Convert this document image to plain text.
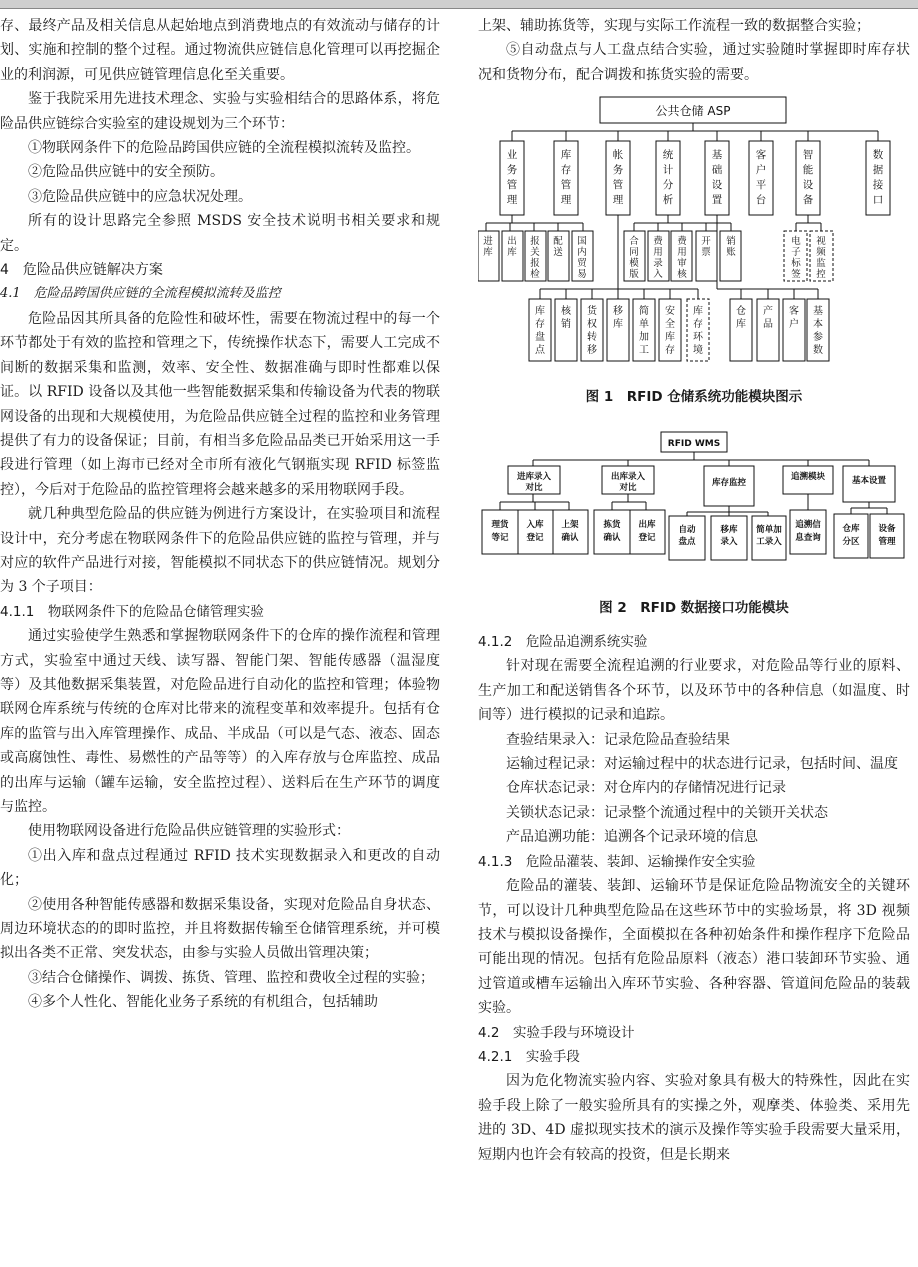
存、最终产品及相关信息从起始地点到消费地点的有效流动与储存的计划、实施和控制的整个过程。通过物流供应链信息化管理可以再挖掘企业的利润源，可见供应链管理信息化至关重要。

鉴于我院采用先进技术理念、实验与实验相结合的思路体系，将危险品供应链综合实验室的建设规划为三个环节：

①物联网条件下的危险品跨国供应链的全流程模拟流转及监控。

②危险品供应链中的安全预防。

③危险品供应链中的应急状况处理。

所有的设计思路完全参照 MSDS 安全技术说明书相关要求和规定。

4　危险品供应链解决方案

4.1　危险品跨国供应链的全流程模拟流转及监控

危险品因其所具备的危险性和破坏性，需要在物流过程中的每一个环节都处于有效的监控和管理之下，传统操作状态下，需要人工完成不间断的数据采集和监测，效率、安全性、数据准确与即时性都难以保证。以 RFID 设备以及其他一些智能数据采集和传输设备为代表的物联网设备的出现和大规模使用，为危险品供应链全过程的监控和业务管理提供了有力的设备保证；目前，有相当多危险品品类已开始采用这一手段进行管理（如上海市已经对全市所有液化气钢瓶实现 RFID 标签监控），今后对于危险品的监控管理将会越来越多的采用物联网手段。

就几种典型危险品的供应链为例进行方案设计，在实验项目和流程设计中，充分考虑在物联网条件下的危险品供应链的监控与管理，并与对应的软件产品进行对接，智能模拟不同状态下的供应链情况。规划分为 3 个子项目：

4.1.1　物联网条件下的危险品仓储管理实验

通过实验使学生熟悉和掌握物联网条件下的仓库的操作流程和管理方式，实验室中通过天线、读写器、智能门架、智能传感器（温湿度等）及其他数据采集装置，对危险品进行自动化的监控和管理；体验物联网仓库系统与传统的仓库对比带来的流程变革和效率提升。包括有仓库的监管与出入库管理操作、成品、半成品（可以是气态、液态、固态或高腐蚀性、毒性、易燃性的产品等等）的入库存放与仓库监控、成品的出库与运输（罐车运输，安全监控过程）、送料后在生产环节的调度与监控。

使用物联网设备进行危险品供应链管理的实验形式：

①出入库和盘点过程通过 RFID 技术实现数据录入和更改的自动化；

②使用各种智能传感器和数据采集设备，实现对危险品自身状态、周边环境状态的的即时监控，并且将数据传输至仓储管理系统，并可模拟出各类不正常、突发状态，由参与实验人员做出管理决策；

③结合仓储操作、调拨、拣货、管理、监控和费收全过程的实验；

④多个人性化、智能化业务子系统的有机组合，包括辅助

上架、辅助拣货等，实现与实际工作流程一致的数据整合实验；

⑤自动盘点与人工盘点结合实验，通过实验随时掌握即时库存状况和货物分布，配合调拨和拣货实验的需要。

公共仓储 ASP
业务管理
库存管理
帐务管理
统计分析
基础设置
客户平台
智能设备
数据接口
进库
出库
报关报检
配送
国内贸易
合同模版
费用录入
费用审核
开票
销账
电子标签
视频监控
库存盘点
核销
货权转移
移库
简单加工
安全库存
库存环境
仓库
产品
客户
基本参数

图 1　RFID 仓储系统功能模块图示

RFID WMS
进库录入对比
出库录入对比	库存监控
追溯模块	基本设置
理货等记
入库登记
上架确认
拣货确认
出库登记
自动盘点
移库录入
简单加工录入
追溯信息查询
仓库分区
设备管理

图 2　RFID 数据接口功能模块

4.1.2　危险品追溯系统实验

针对现在需要全流程追溯的行业要求，对危险品等行业的原料、生产加工和配送销售各个环节，以及环节中的各种信息（如温度、时间等）进行模拟的记录和追踪。

查验结果录入：记录危险品查验结果

运输过程记录：对运输过程中的状态进行记录，包括时间、温度

仓库状态记录：对仓库内的存储情况进行记录

关锁状态记录：记录整个流通过程中的关锁开关状态

产品追溯功能：追溯各个记录环境的信息

4.1.3　危险品灌装、装卸、运输操作安全实验

危险品的灌装、装卸、运输环节是保证危险品物流安全的关键环节，可以设计几种典型危险品在这些环节中的实验场景，将 3D 视频技术与模拟设备操作，全面模拟在各种初始条件和操作程序下危险品可能出现的情况。包括有危险品原料（液态）港口装卸环节实验、通过管道或槽车运输出入库环节实验、各种容器、管道间危险品的装载实验。

4.2　实验手段与环境设计

4.2.1　实验手段

因为危化物流实验内容、实验对象具有极大的特殊性，因此在实验手段上除了一般实验所具有的实操之外，观摩类、体验类、采用先进的 3D、4D 虚拟现实技术的演示及操作等实验手段需要大量采用，短期内也许会有较高的投资，但是长期来
